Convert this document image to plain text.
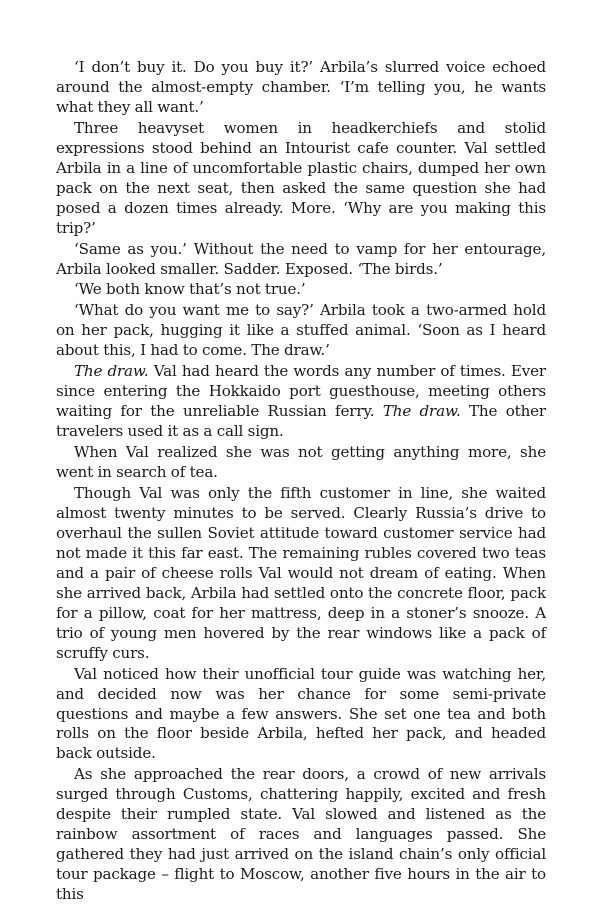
‘I don’t buy it. Do you buy it?’ Arbila’s slurred voice echoed around the almost-empty chamber. ‘I’m telling you, he wants what they all want.’

Three heavyset women in headkerchiefs and stolid expressions stood behind an Intourist cafe counter. Val settled Arbila in a line of uncomfortable plastic chairs, dumped her own pack on the next seat, then asked the same question she had posed a dozen times already. More. ‘Why are you making this trip?’

‘Same as you.’ Without the need to vamp for her entourage, Arbila looked smaller. Sadder. Exposed. ‘The birds.’

‘We both know that’s not true.’

‘What do you want me to say?’ Arbila took a two-armed hold on her pack, hugging it like a stuffed animal. ‘Soon as I heard about this, I had to come. The draw.’

The draw. Val had heard the words any number of times. Ever since entering the Hokkaido port guesthouse, meeting others waiting for the unreliable Russian ferry. The draw. The other travelers used it as a call sign.

When Val realized she was not getting anything more, she went in search of tea.

Though Val was only the fifth customer in line, she waited almost twenty minutes to be served. Clearly Russia’s drive to overhaul the sullen Soviet attitude toward customer service had not made it this far east. The remaining rubles covered two teas and a pair of cheese rolls Val would not dream of eating. When she arrived back, Arbila had settled onto the concrete floor, pack for a pillow, coat for her mattress, deep in a stoner’s snooze. A trio of young men hovered by the rear windows like a pack of scruffy curs.

Val noticed how their unofficial tour guide was watching her, and decided now was her chance for some semi-private questions and maybe a few answers. She set one tea and both rolls on the floor beside Arbila, hefted her pack, and headed back outside.

As she approached the rear doors, a crowd of new arrivals surged through Customs, chattering happily, excited and fresh despite their rumpled state. Val slowed and listened as the rainbow assortment of races and languages passed. She gathered they had just arrived on the island chain’s only official tour package – flight to Moscow, another five hours in the air to this
